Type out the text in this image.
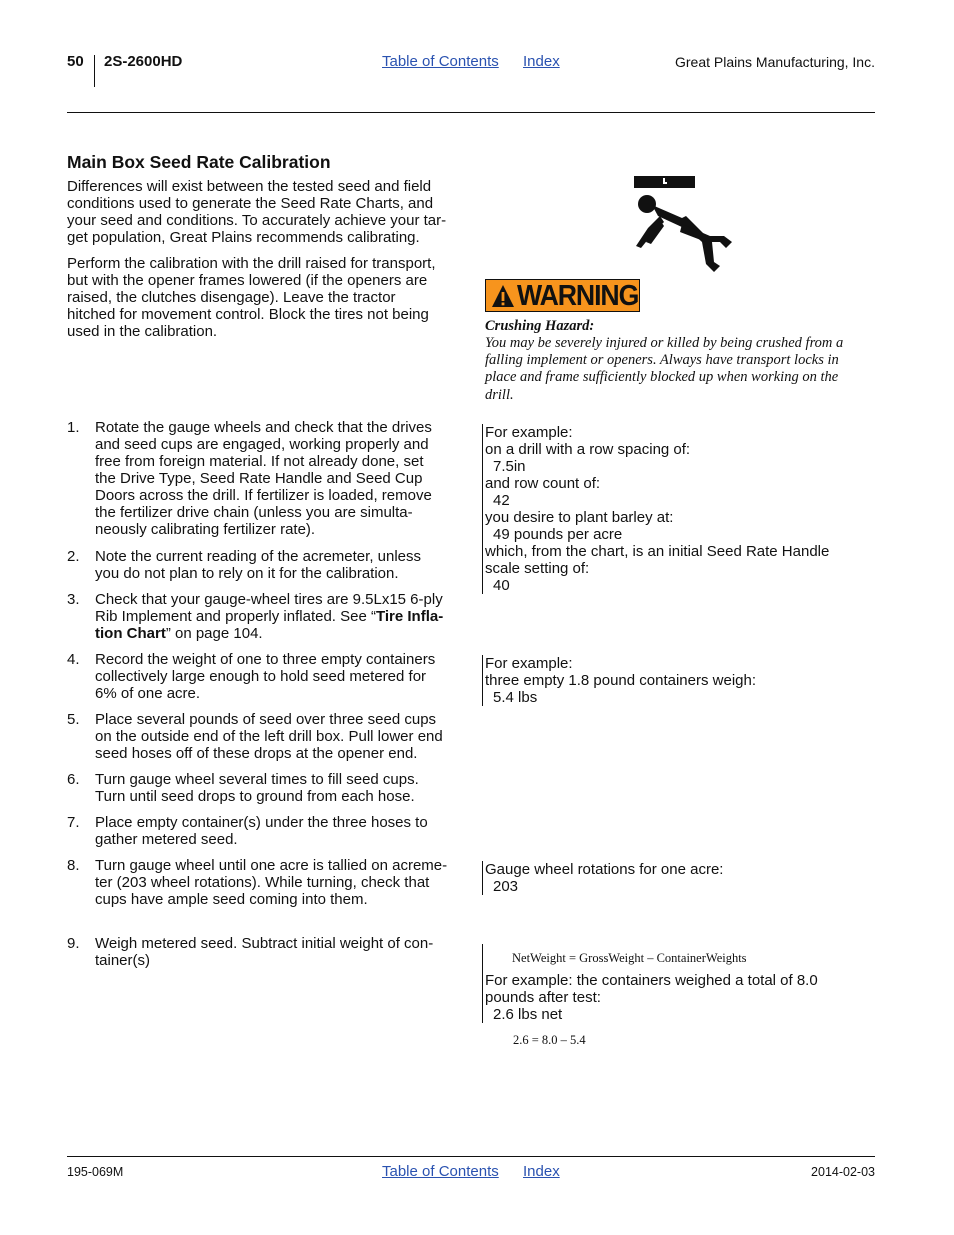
50 2S-2600HD	Table of Contents Index	Great Plains Manufacturing, Inc.
Main Box Seed Rate Calibration
Differences will exist between the tested seed and field
conditions used to generate the Seed Rate Charts, and
your seed and conditions. To accurately achieve your tar-
get population, Great Plains recommends calibrating.
Perform the calibration with the drill raised for transport,
but with the opener frames lowered (if the openers are
raised, the clutches disengage). Leave the tractor
hitched for movement control. Block the tires not being
used in the calibration.
WARNING
Crushing Hazard:
You may be severely injured or killed by being crushed from a
falling implement or openers. Always have transport locks in
place and frame sufficiently blocked up when working on the
drill.
1. Rotate the gauge wheels and check that the drives
and seed cups are engaged, working properly and
free from foreign material. If not already done, set
the Drive Type, Seed Rate Handle and Seed Cup
Doors across the drill. If fertilizer is loaded, remove
the fertilizer drive chain (unless you are simulta-
neously calibrating fertilizer rate).
2. Note the current reading of the acremeter, unless
you do not plan to rely on it for the calibration.
3. Check that your gauge-wheel tires are 9.5Lx15 6-ply
Rib Implement and properly inflated. See “Tire Infla-
tion Chart” on page 104.
4. Record the weight of one to three empty containers
collectively large enough to hold seed metered for
6% of one acre.
5. Place several pounds of seed over three seed cups
on the outside end of the left drill box. Pull lower end
seed hoses off of these drops at the opener end.
6. Turn gauge wheel several times to fill seed cups.
Turn until seed drops to ground from each hose.
7. Place empty container(s) under the three hoses to
gather metered seed.
8. Turn gauge wheel until one acre is tallied on acreme-
ter (203 wheel rotations). While turning, check that
cups have ample seed coming into them.
9. Weigh metered seed. Subtract initial weight of con-
tainer(s)
For example:
on a drill with a row spacing of:
7.5in
and row count of:
42
you desire to plant barley at:
49 pounds per acre
which, from the chart, is an initial Seed Rate Handle
scale setting of:
40
For example:
three empty 1.8 pound containers weigh:
5.4 lbs
Gauge wheel rotations for one acre:
203
For example: the containers weighed a total of 8.0
pounds after test:
2.6 lbs net
NetWeight = GrossWeight – ContainerWeights
2.6 = 8.0 – 5.4
195-069M	Table of Contents Index	2014-02-03
